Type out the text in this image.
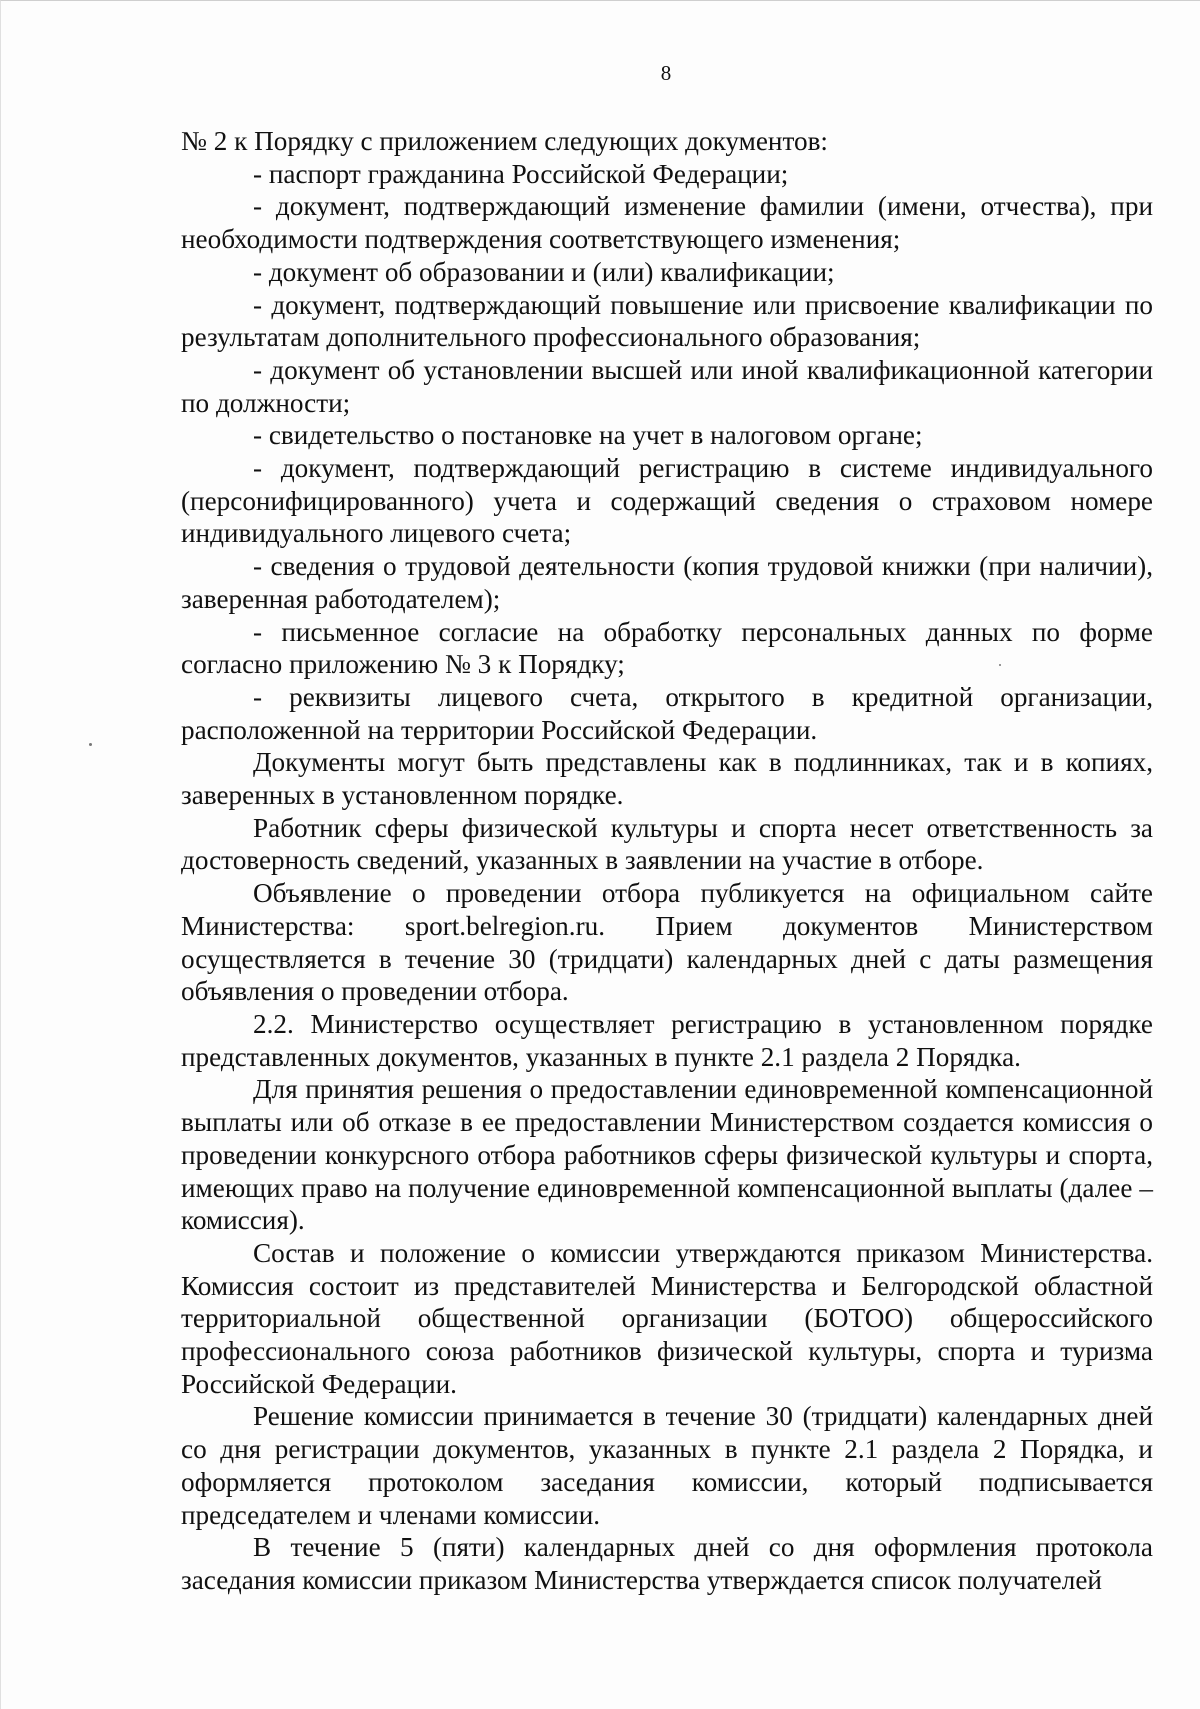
8

№ 2 к Порядку с приложением следующих документов:

- паспорт гражданина Российской Федерации;

- документ, подтверждающий изменение фамилии (имени, отчества), при необходимости подтверждения соответствующего изменения;

- документ об образовании и (или) квалификации;

- документ, подтверждающий повышение или присвоение квалификации по результатам дополнительного профессионального образования;

- документ об установлении высшей или иной квалификационной категории по должности;

- свидетельство о постановке на учет в налоговом органе;

- документ, подтверждающий регистрацию в системе индивидуального (персонифицированного) учета и содержащий сведения о страховом номере индивидуального лицевого счета;

- сведения о трудовой деятельности (копия трудовой книжки (при наличии), заверенная работодателем);

- письменное согласие на обработку персональных данных по форме согласно приложению № 3 к Порядку;

- реквизиты лицевого счета, открытого в кредитной организации, расположенной на территории Российской Федерации.

Документы могут быть представлены как в подлинниках, так и в копиях, заверенных в установленном порядке.

Работник сферы физической культуры и спорта несет ответственность за достоверность сведений, указанных в заявлении на участие в отборе.

Объявление о проведении отбора публикуется на официальном сайте Министерства: sport.belregion.ru. Прием документов Министерством осуществляется в течение 30 (тридцати) календарных дней с даты размещения объявления о проведении отбора.

2.2. Министерство осуществляет регистрацию в установленном порядке представленных документов, указанных в пункте 2.1 раздела 2 Порядка.

Для принятия решения о предоставлении единовременной компенсационной выплаты или об отказе в ее предоставлении Министерством создается комиссия о проведении конкурсного отбора работников сферы физической культуры и спорта, имеющих право на получение единовременной компенсационной выплаты (далее – комиссия).

Состав и положение о комиссии утверждаются приказом Министерства. Комиссия состоит из представителей Министерства и Белгородской областной территориальной общественной организации (БОТОО) общероссийского профессионального союза работников физической культуры, спорта и туризма Российской Федерации.

Решение комиссии принимается в течение 30 (тридцати) календарных дней со дня регистрации документов, указанных в пункте 2.1 раздела 2 Порядка, и оформляется протоколом заседания комиссии, который подписывается председателем и членами комиссии.

В течение 5 (пяти) календарных дней со дня оформления протокола заседания комиссии приказом Министерства утверждается список получателей
